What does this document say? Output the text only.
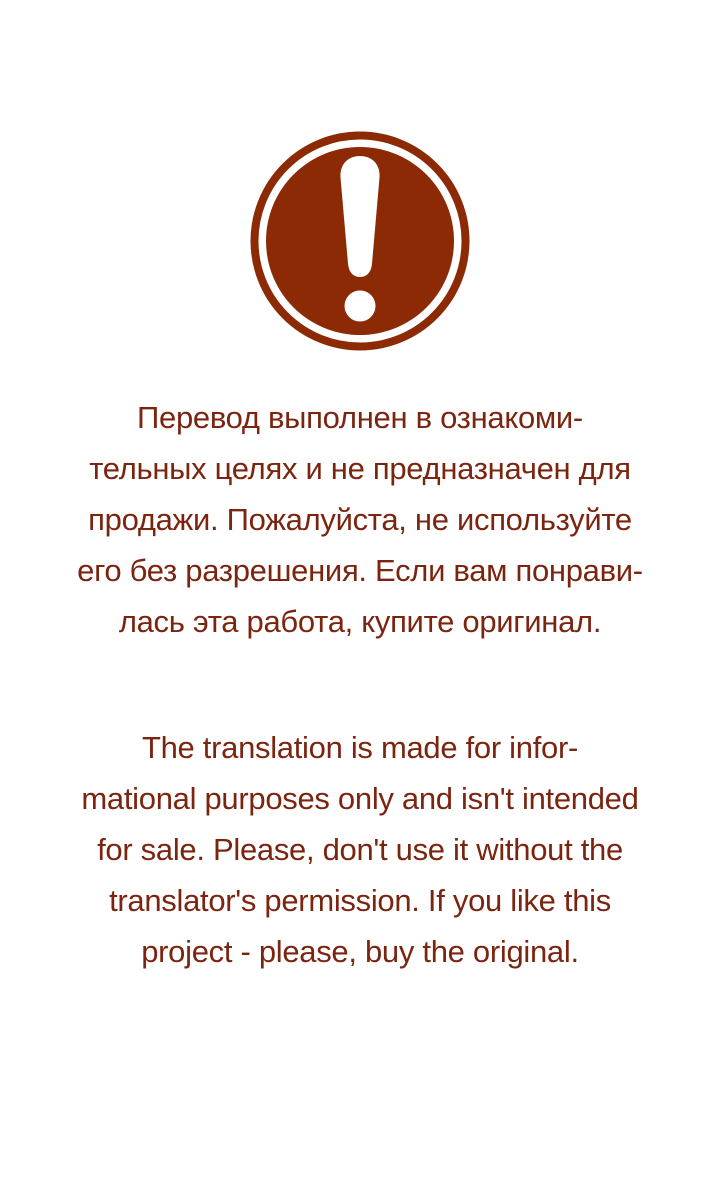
Перевод выполнен в ознакоми-
тельных целях и не предназначен для
продажи. Пожалуйста, не используйте
его без разрешения. Если вам понрави-
лась эта работа, купите оригинал.
The translation is made for infor-
mational purposes only and isn't intended
for sale. Please, don't use it without the
translator's permission. If you like this
project - please, buy the original.
